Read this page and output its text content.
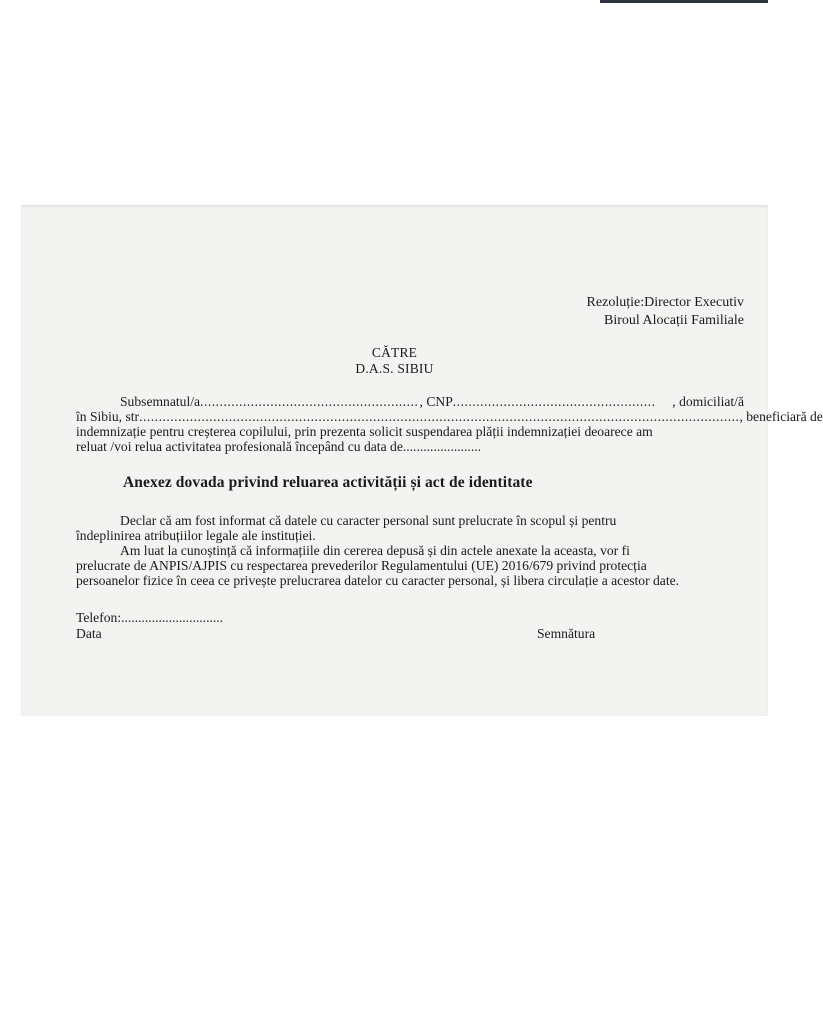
Rezoluție:Director Executiv
Biroul Alocații Familiale
CĂTRE
D.A.S. SIBIU
Subsemnatul/a ........................................................ , CNP ....................................................	, domiciliat/ă
în Sibiu, str .......................................................................................................................................................... , beneficiară de
indemnizație pentru creșterea copilului, prin prezenta solicit suspendarea plății indemnizației deoarece am
reluat /voi relua activitatea profesională începând cu data de.......................
Anexez dovada privind reluarea activității și act de identitate
Declar că am fost informat că datele cu caracter personal sunt prelucrate în scopul și pentru
îndeplinirea atribuțiilor legale ale instituției.
Am luat la cunoștință că informațiile din cererea depusă și din actele anexate la aceasta, vor fi
prelucrate de ANPIS/AJPIS cu respectarea prevederilor Regulamentului (UE) 2016/679 privind protecția
persoanelor fizice în ceea ce privește prelucrarea datelor cu caracter personal, și libera circulație a acestor date.
Telefon:..............................
Data	Semnătura
